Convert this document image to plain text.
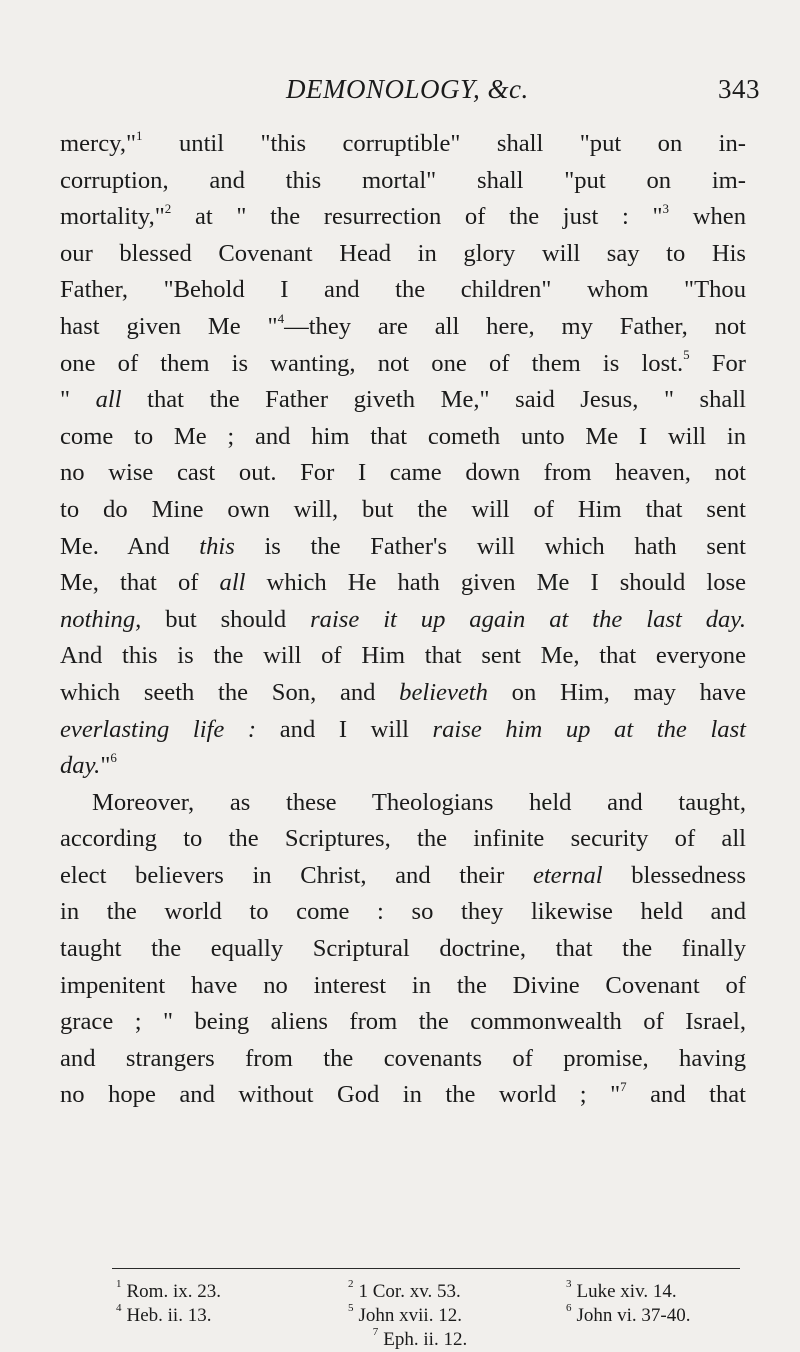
DEMONOLOGY, &c.	343
mercy,"$^1$ until "this corruptible" shall "put on in-
corruption, and this mortal" shall "put on im-
mortality,"$^2$ at " the resurrection of the just : "$^3$ when
our blessed Covenant Head in glory will say to His
Father, "Behold I and the children" whom "Thou
hast given Me "$^4$—they are all here, my Father, not
one of them is wanting, not one of them is lost.$^5$ For
" all that the Father giveth Me," said Jesus, " shall
come to Me ; and him that cometh unto Me I will in
no wise cast out. For I came down from heaven, not
to do Mine own will, but the will of Him that sent
Me. And this is the Father's will which hath sent
Me, that of all which He hath given Me I should lose
nothing, but should raise it up again at the last day.
And this is the will of Him that sent Me, that everyone
which seeth the Son, and believeth on Him, may have
everlasting life : and I will raise him up at the last
day."$^6$
Moreover, as these Theologians held and taught,
according to the Scriptures, the infinite security of all
elect believers in Christ, and their eternal blessedness
in the world to come : so they likewise held and
taught the equally Scriptural doctrine, that the finally
impenitent have no interest in the Divine Covenant of
grace ; " being aliens from the commonwealth of Israel,
and strangers from the covenants of promise, having
no hope and without God in the world ; "$^7$ and that
$^1$ Rom. ix. 23.	$^2$ 1 Cor. xv. 53.	$^3$ Luke xiv. 14.
$^4$ Heb. ii. 13.	$^5$ John xvii. 12.	$^6$ John vi. 37-40.
$^7$ Eph. ii. 12.
